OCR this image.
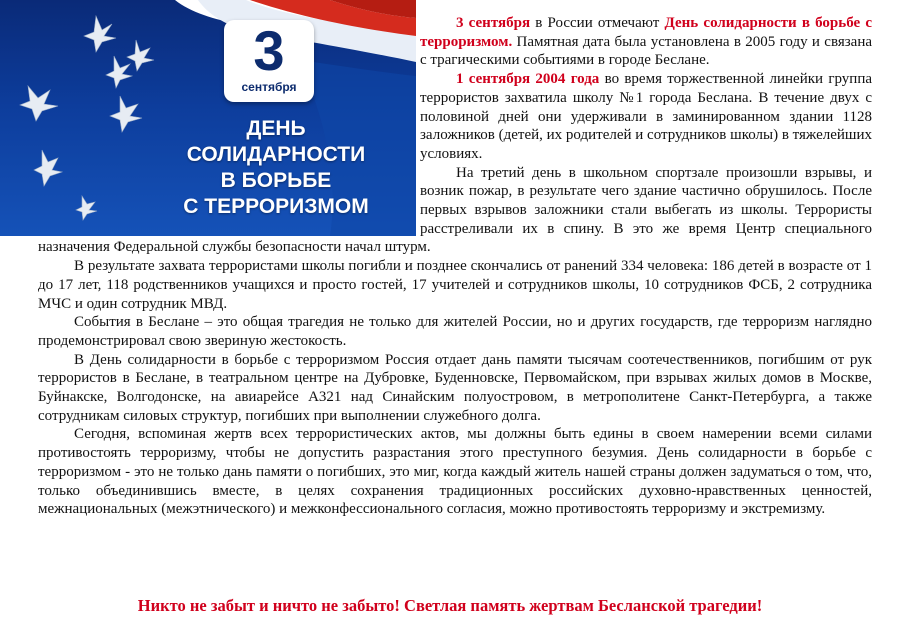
3
сентября
ДЕНЬ
СОЛИДАРНОСТИ
В БОРЬБЕ
С ТЕРРОРИЗМОМ

3 сентября в России отмечают День солидарности в борьбе с терроризмом. Памятная дата была установлена в 2005 году и связана с трагическими событиями в городе Беслане.

1 сентября 2004 года во время торжественной линейки группа террористов захватила школу №1 города Беслана. В течение двух с половиной дней они удерживали в заминированном здании 1128 заложников (детей, их родителей и сотрудников школы) в тяжелейших условиях.

На третий день в школьном спортзале произошли взрывы, и возник пожар, в результате чего здание частично обрушилось. После первых взрывов заложники стали выбегать из школы. Террористы расстреливали их в спину. В это же время Центр специального назначения Федеральной службы безопасности начал штурм.

В результате захвата террористами школы погибли и позднее скончались от ранений 334 человека: 186 детей в возрасте от 1 до 17 лет, 118 родственников учащихся и просто гостей, 17 учителей и сотрудников школы, 10 сотрудников ФСБ, 2 сотрудника МЧС и один сотрудник МВД.

События в Беслане – это общая трагедия не только для жителей России, но и других государств, где терроризм наглядно продемонстрировал свою звериную жестокость.

В День солидарности в борьбе с терроризмом Россия отдает дань памяти тысячам соотечественников, погибшим от рук террористов в Беслане, в театральном центре на Дубровке, Буденновске, Первомайском, при взрывах жилых домов в Москве, Буйнакске, Волгодонске, на авиарейсе А321 над Синайским полуостровом, в метрополитене Санкт-Петербурга, а также сотрудникам силовых структур, погибших при выполнении служебного долга.

Сегодня, вспоминая жертв всех террористических актов, мы должны быть едины в своем намерении всеми силами противостоять терроризму, чтобы не допустить разрастания этого преступного безумия. День солидарности в борьбе с терроризмом - это не только дань памяти о погибших, это миг, когда каждый житель нашей страны должен задуматься о том, что, только объединившись вместе, в целях сохранения традиционных российских духовно-нравственных ценностей, межнациональных (межэтнического) и межконфессионального согласия, можно противостоять терроризму и экстремизму.

Никто не забыт и ничто не забыто! Светлая память жертвам Бесланской трагедии!
